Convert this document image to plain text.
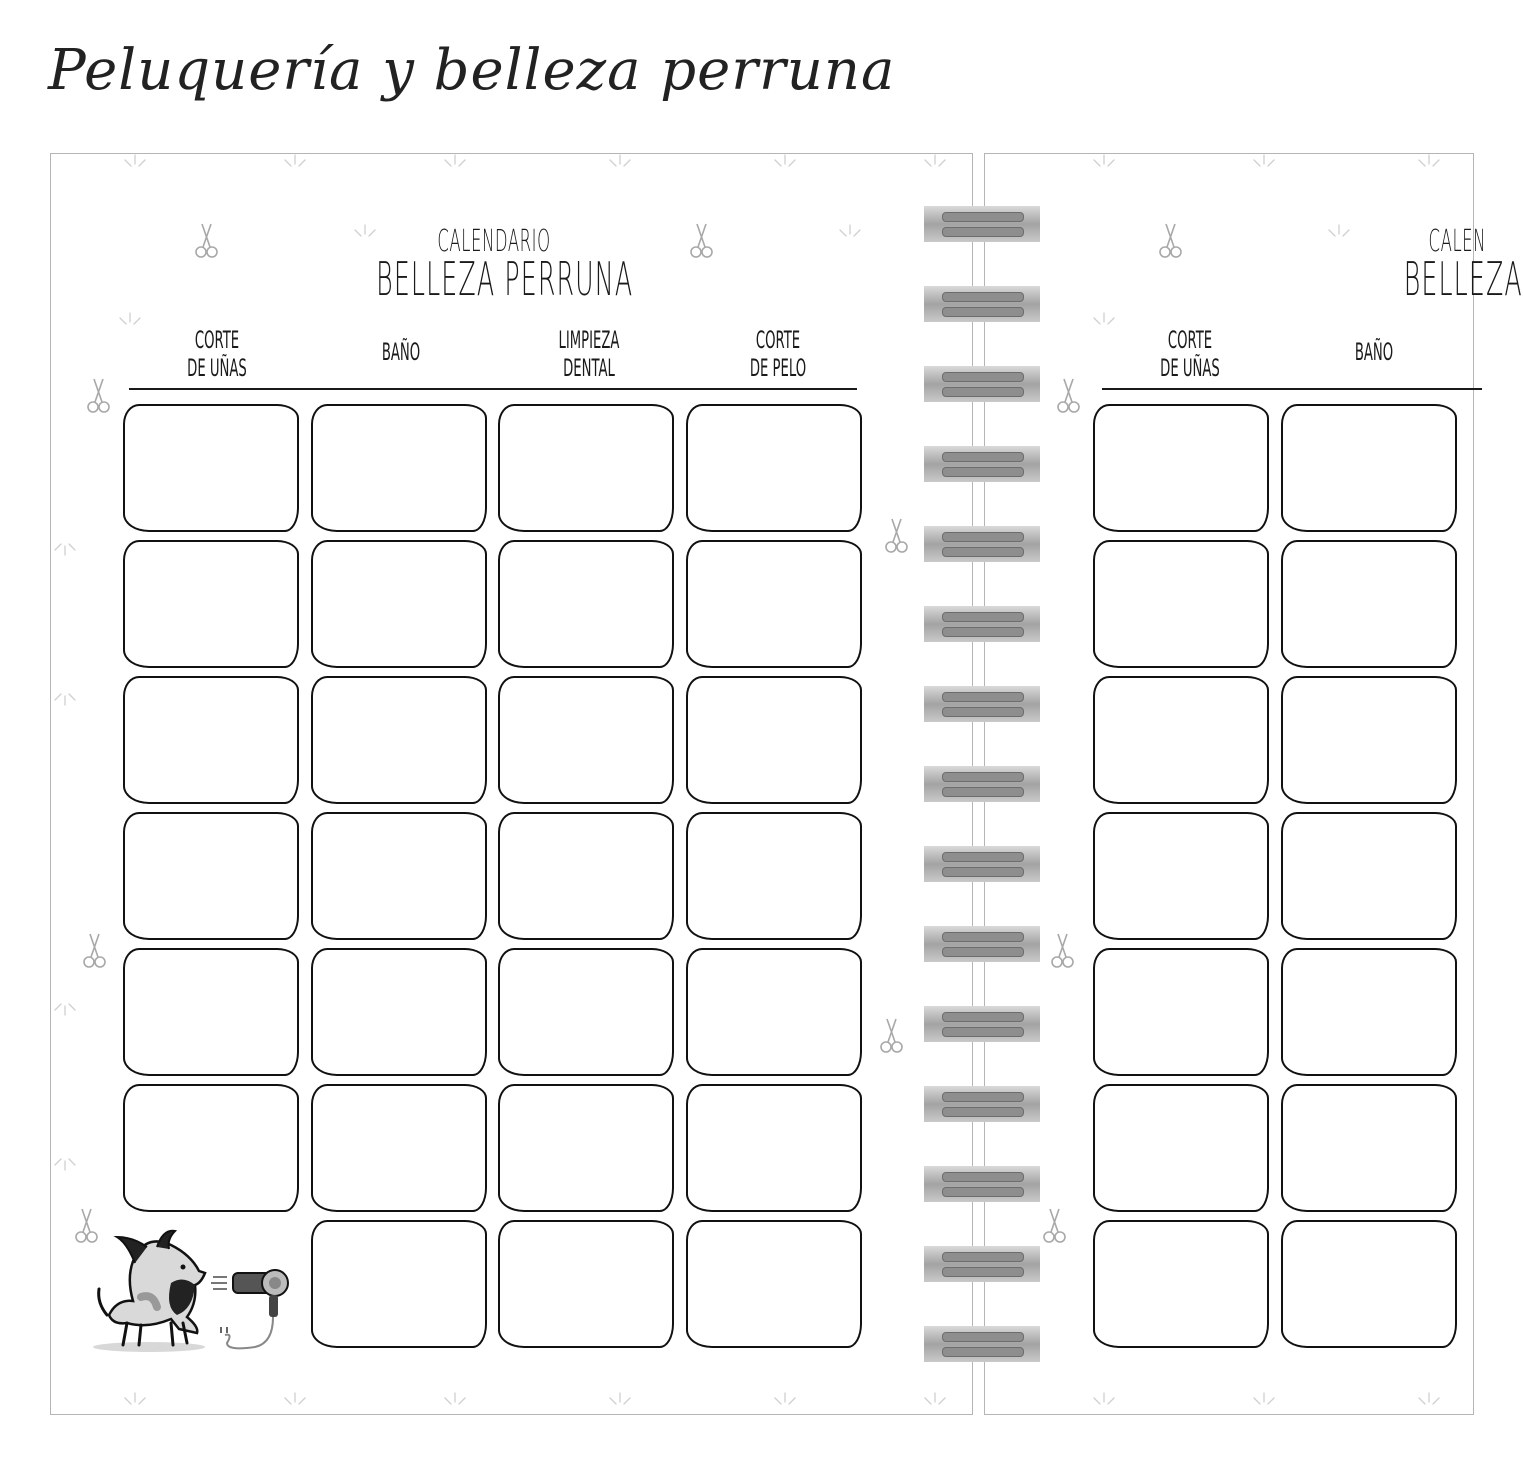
Peluquería y belleza perruna
CALENDARIO
BELLEZA PERRUNA
CORTE
DE UÑAS
BAÑO	LIMPIEZA
DENTAL
CORTE
DE PELO
CALEN
BELLEZA
CORTE
DE UÑAS
BAÑO
